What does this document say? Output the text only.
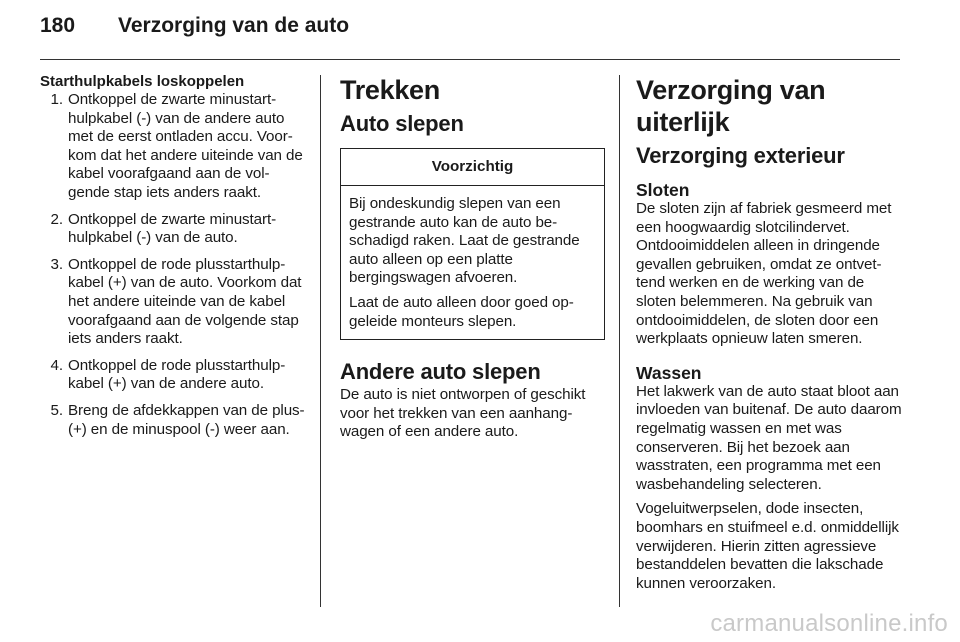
180	Verzorging van de auto
Starthulpkabels loskoppelen
1. Ontkoppel de zwarte minustarthulpkabel (-) van de andere auto met de eerst ontladen accu. Voorkom dat het andere uiteinde van de kabel voorafgaand aan de volgende stap iets anders raakt.
2. Ontkoppel de zwarte minustarthulpkabel (-) van de auto.
3. Ontkoppel de rode plusstarthulpkabel (+) van de auto. Voorkom dat het andere uiteinde van de kabel voorafgaand aan de volgende stap iets anders raakt.
4. Ontkoppel de rode plusstarthulpkabel (+) van de andere auto.
5. Breng de afdekkappen van de plus- (+) en de minuspool (-) weer aan.
Trekken
Auto slepen
Voorzichtig

Bij ondeskundig slepen van een gestrande auto kan de auto beschadigd raken. Laat de gestrande auto alleen op een platte bergingswagen afvoeren.

Laat de auto alleen door goed opgeleide monteurs slepen.

Andere auto slepen

De auto is niet ontworpen of geschikt voor het trekken van een aanhangwagen of een andere auto.

Verzorging van uiterlijk
Verzorging exterieur
Sloten

De sloten zijn af fabriek gesmeerd met een hoogwaardig slotcilindervet. Ontdooimiddelen alleen in dringende gevallen gebruiken, omdat ze ontvettend werken en de werking van de sloten belemmeren. Na gebruik van ontdooimiddelen, de sloten door een werkplaats opnieuw laten smeren.

Wassen

Het lakwerk van de auto staat bloot aan invloeden van buitenaf. De auto daarom regelmatig wassen en met was conserveren. Bij het bezoek aan wasstraten, een programma met een wasbehandeling selecteren.

Vogeluitwerpselen, dode insecten, boomhars en stuifmeel e.d. onmiddellijk verwijderen. Hierin zitten agressieve bestanddelen bevatten die lakschade kunnen veroorzaken.

carmanualsonline.info
